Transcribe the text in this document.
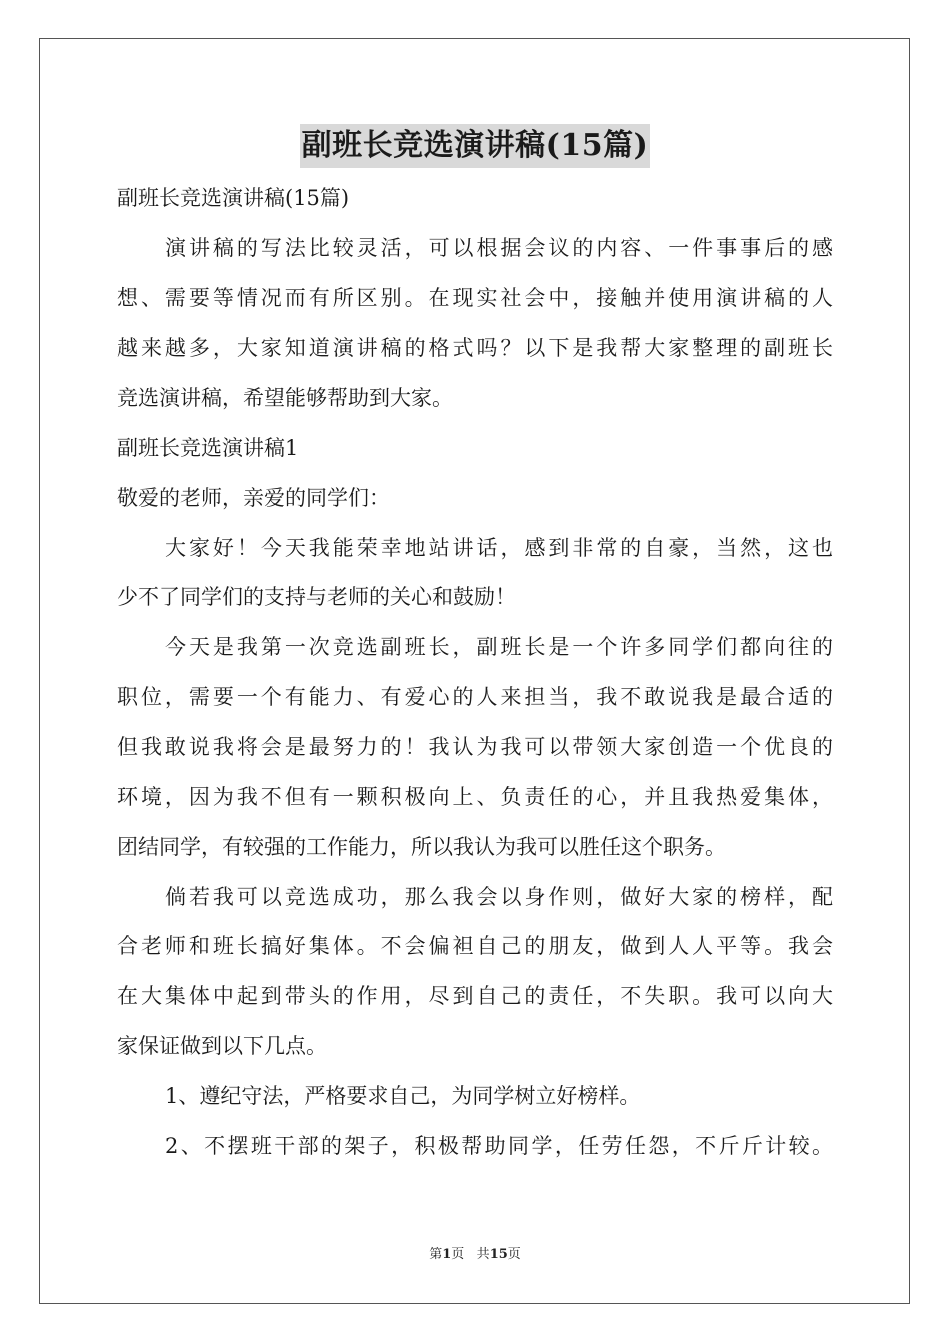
副班长竞选演讲稿(15篇)
副班长竞选演讲稿(15篇)
演讲稿的写法比较灵活，可以根据会议的内容、一件事事后的感
想、需要等情况而有所区别。在现实社会中，接触并使用演讲稿的人
越来越多，大家知道演讲稿的格式吗？以下是我帮大家整理的副班长
竞选演讲稿，希望能够帮助到大家。
副班长竞选演讲稿1
敬爱的老师，亲爱的同学们：
大家好！今天我能荣幸地站讲话，感到非常的自豪，当然，这也
少不了同学们的支持与老师的关心和鼓励！
今天是我第一次竞选副班长，副班长是一个许多同学们都向往的
职位，需要一个有能力、有爱心的人来担当，我不敢说我是最合适的
但我敢说我将会是最努力的！我认为我可以带领大家创造一个优良的
环境，因为我不但有一颗积极向上、负责任的心，并且我热爱集体，
团结同学，有较强的工作能力，所以我认为我可以胜任这个职务。
倘若我可以竞选成功，那么我会以身作则，做好大家的榜样，配
合老师和班长搞好集体。不会偏袒自己的朋友，做到人人平等。我会
在大集体中起到带头的作用，尽到自己的责任，不失职。我可以向大
家保证做到以下几点。
1、遵纪守法，严格要求自己，为同学树立好榜样。
2、不摆班干部的架子，积极帮助同学，任劳任怨，不斤斤计较。
第1页 共15页
